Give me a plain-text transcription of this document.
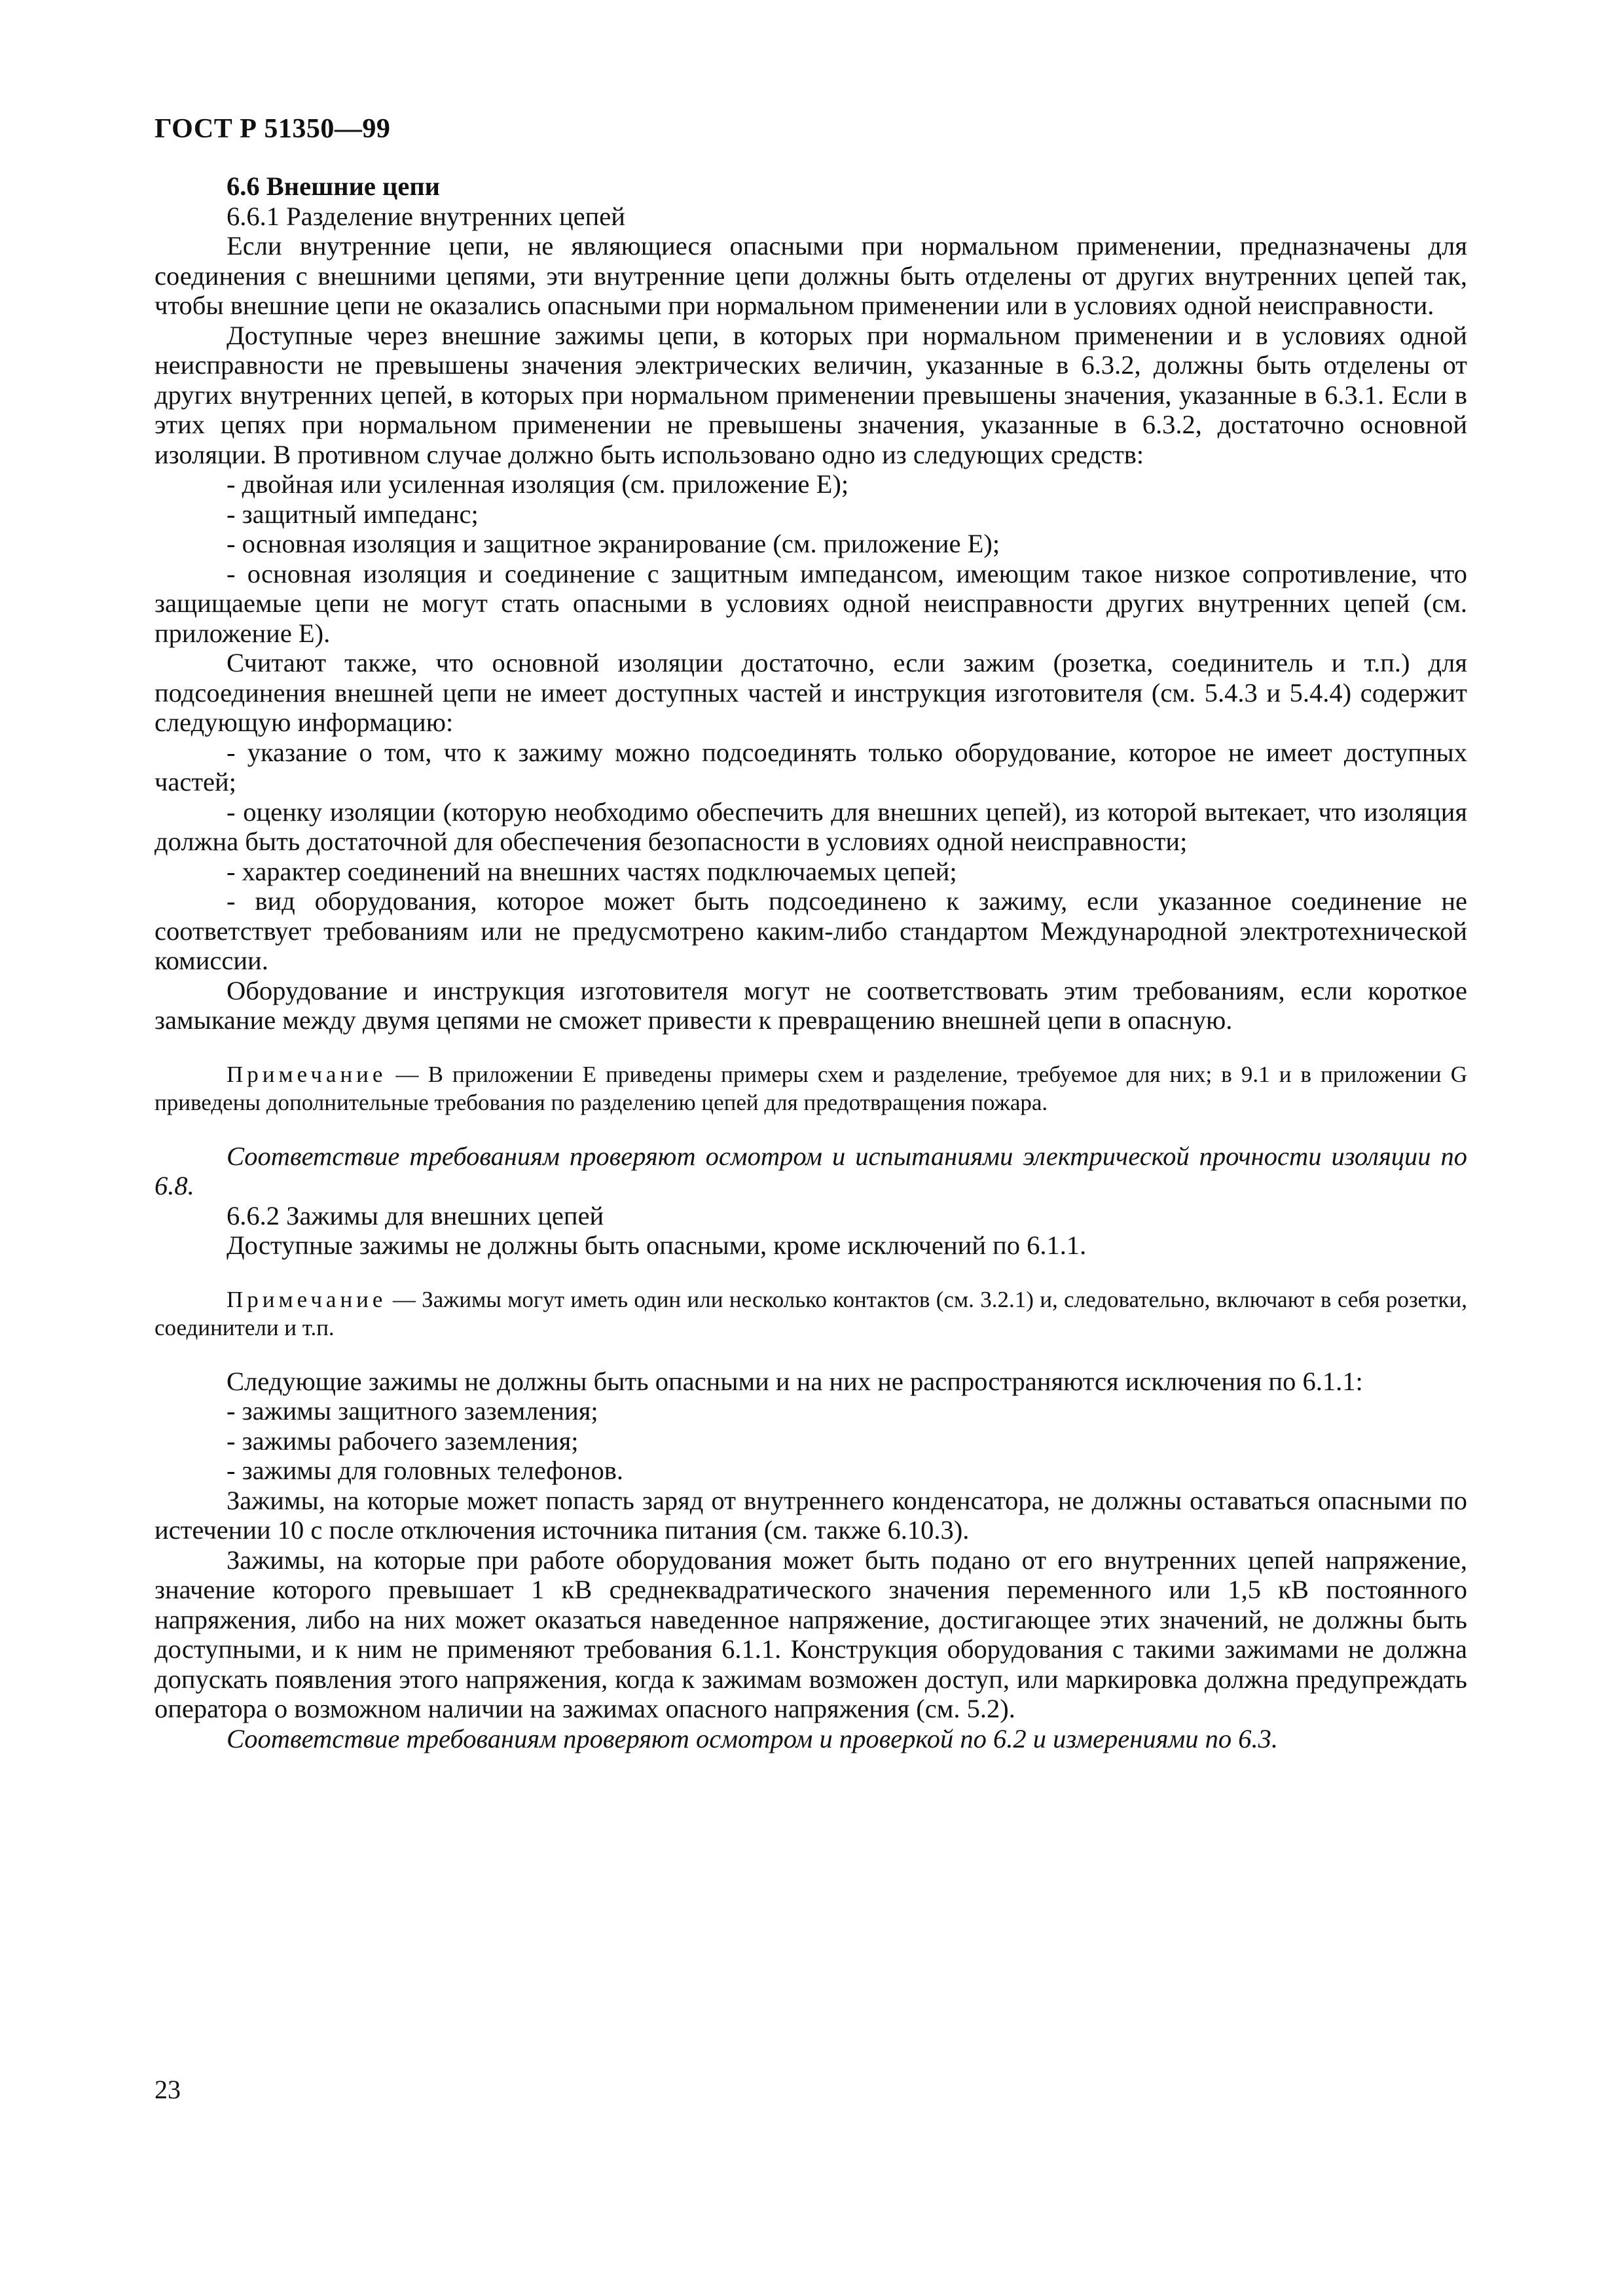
ГОСТ Р 51350—99

6.6 Внешние цепи

6.6.1 Разделение внутренних цепей

Если внутренние цепи, не являющиеся опасными при нормальном применении, предназначены для соединения с внешними цепями, эти внутренние цепи должны быть отделены от других внутренних цепей так, чтобы внешние цепи не оказались опасными при нормальном применении или в условиях одной неисправности.

Доступные через внешние зажимы цепи, в которых при нормальном применении и в условиях одной неисправности не превышены значения электрических величин, указанные в 6.3.2, должны быть отделены от других внутренних цепей, в которых при нормальном применении превышены значения, указанные в 6.3.1. Если в этих цепях при нормальном применении не превышены значения, указанные в 6.3.2, достаточно основной изоляции. В противном случае должно быть использовано одно из следующих средств:

- двойная или усиленная изоляция (см. приложение Е);

- защитный импеданс;

- основная изоляция и защитное экранирование (см. приложение Е);

- основная изоляция и соединение с защитным импедансом, имеющим такое низкое сопротивление, что защищаемые цепи не могут стать опасными в условиях одной неисправности других внутренних цепей (см. приложение Е).

Считают также, что основной изоляции достаточно, если зажим (розетка, соединитель и т.п.) для подсоединения внешней цепи не имеет доступных частей и инструкция изготовителя (см. 5.4.3 и 5.4.4) содержит следующую информацию:

- указание о том, что к зажиму можно подсоединять только оборудование, которое не имеет доступных частей;

- оценку изоляции (которую необходимо обеспечить для внешних цепей), из которой вытекает, что изоляция должна быть достаточной для обеспечения безопасности в условиях одной неисправности;

- характер соединений на внешних частях подключаемых цепей;

- вид оборудования, которое может быть подсоединено к зажиму, если указанное соединение не соответствует требованиям или не предусмотрено каким-либо стандартом Международной электротехнической комиссии.

Оборудование и инструкция изготовителя могут не соответствовать этим требованиям, если короткое замыкание между двумя цепями не сможет привести к превращению внешней цепи в опасную.

Примечание — В приложении Е приведены примеры схем и разделение, требуемое для них; в 9.1 и в приложении G приведены дополнительные требования по разделению цепей для предотвращения пожара.

Соответствие требованиям проверяют осмотром и испытаниями электрической прочности изоляции по 6.8.

6.6.2 Зажимы для внешних цепей

Доступные зажимы не должны быть опасными, кроме исключений по 6.1.1.

Примечание — Зажимы могут иметь один или несколько контактов (см. 3.2.1) и, следовательно, включают в себя розетки, соединители и т.п.

Следующие зажимы не должны быть опасными и на них не распространяются исключения по 6.1.1:

- зажимы защитного заземления;

- зажимы рабочего заземления;

- зажимы для головных телефонов.

Зажимы, на которые может попасть заряд от внутреннего конденсатора, не должны оставаться опасными по истечении 10 с после отключения источника питания (см. также 6.10.3).

Зажимы, на которые при работе оборудования может быть подано от его внутренних цепей напряжение, значение которого превышает 1 кВ среднеквадратического значения переменного или 1,5 кВ постоянного напряжения, либо на них может оказаться наведенное напряжение, достигающее этих значений, не должны быть доступными, и к ним не применяют требования 6.1.1. Конструкция оборудования с такими зажимами не должна допускать появления этого напряжения, когда к зажимам возможен доступ, или маркировка должна предупреждать оператора о возможном наличии на зажимах опасного напряжения (см. 5.2).

Соответствие требованиям проверяют осмотром и проверкой по 6.2 и измерениями по 6.3.

23
